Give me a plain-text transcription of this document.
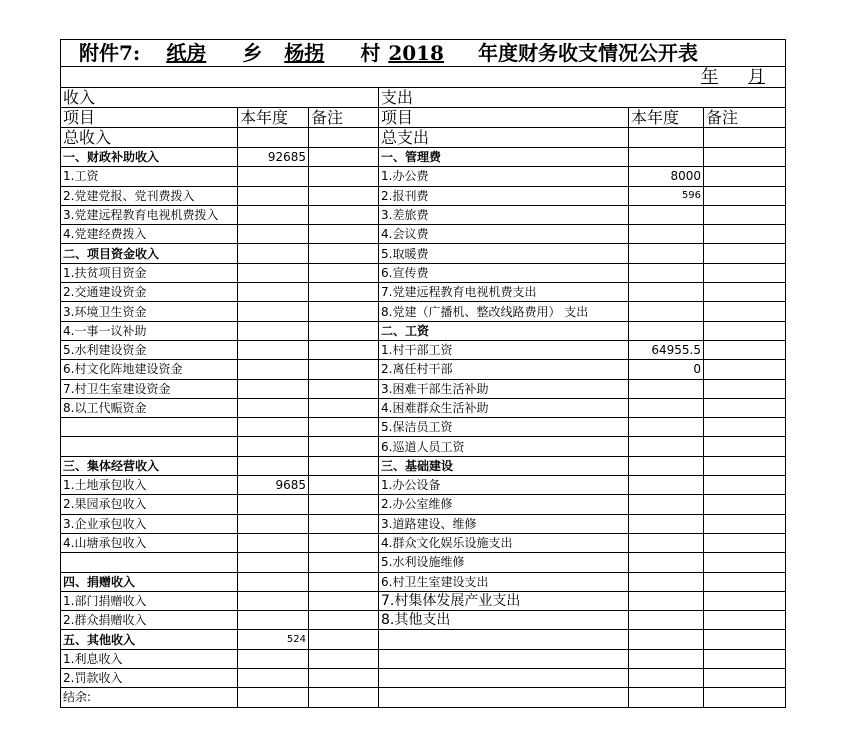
附件7: 纸房 乡 杨拐 村 2018 年度财务收支情况公开表					
年 月					
收入			支出		
项目	本年度	备注	项目	本年度	备注
总收入			总支出		
一、财政补助收入	92685		一、管理费		
1.工资			1.办公费	8000	
2.党建党报、党刊费拨入			2.报刊费	596	
3.党建远程教育电视机费拨入			3.差旅费		
4.党建经费拨入			4.会议费		
二、项目资金收入			5.取暖费		
1.扶贫项目资金			6.宣传费		
2.交通建设资金			7.党建远程教育电视机费支出		
3.环境卫生资金			8.党建（广播机、整改线路费用） 支出		
4.一事一议补助			二、工资		
5.水利建设资金			1.村干部工资	64955.5	
6.村文化阵地建设资金			2.离任村干部	0	
7.村卫生室建设资金			3.困难干部生活补助		
8.以工代赈资金			4.困难群众生活补助		
			5.保洁员工资		
			6.巡道人员工资		
三、集体经营收入			三、基础建设		
1.土地承包收入	9685		1.办公设备		
2.果园承包收入			2.办公室维修		
3.企业承包收入			3.道路建设、维修		
4.山塘承包收入			4.群众文化娱乐设施支出		
			5.水利设施维修		
四、捐赠收入			6.村卫生室建设支出		
1.部门捐赠收入			7.村集体发展产业支出		
2.群众捐赠收入			8.其他支出		
五、其他收入	524				
1.利息收入					
2.罚款收入					
结余:					
